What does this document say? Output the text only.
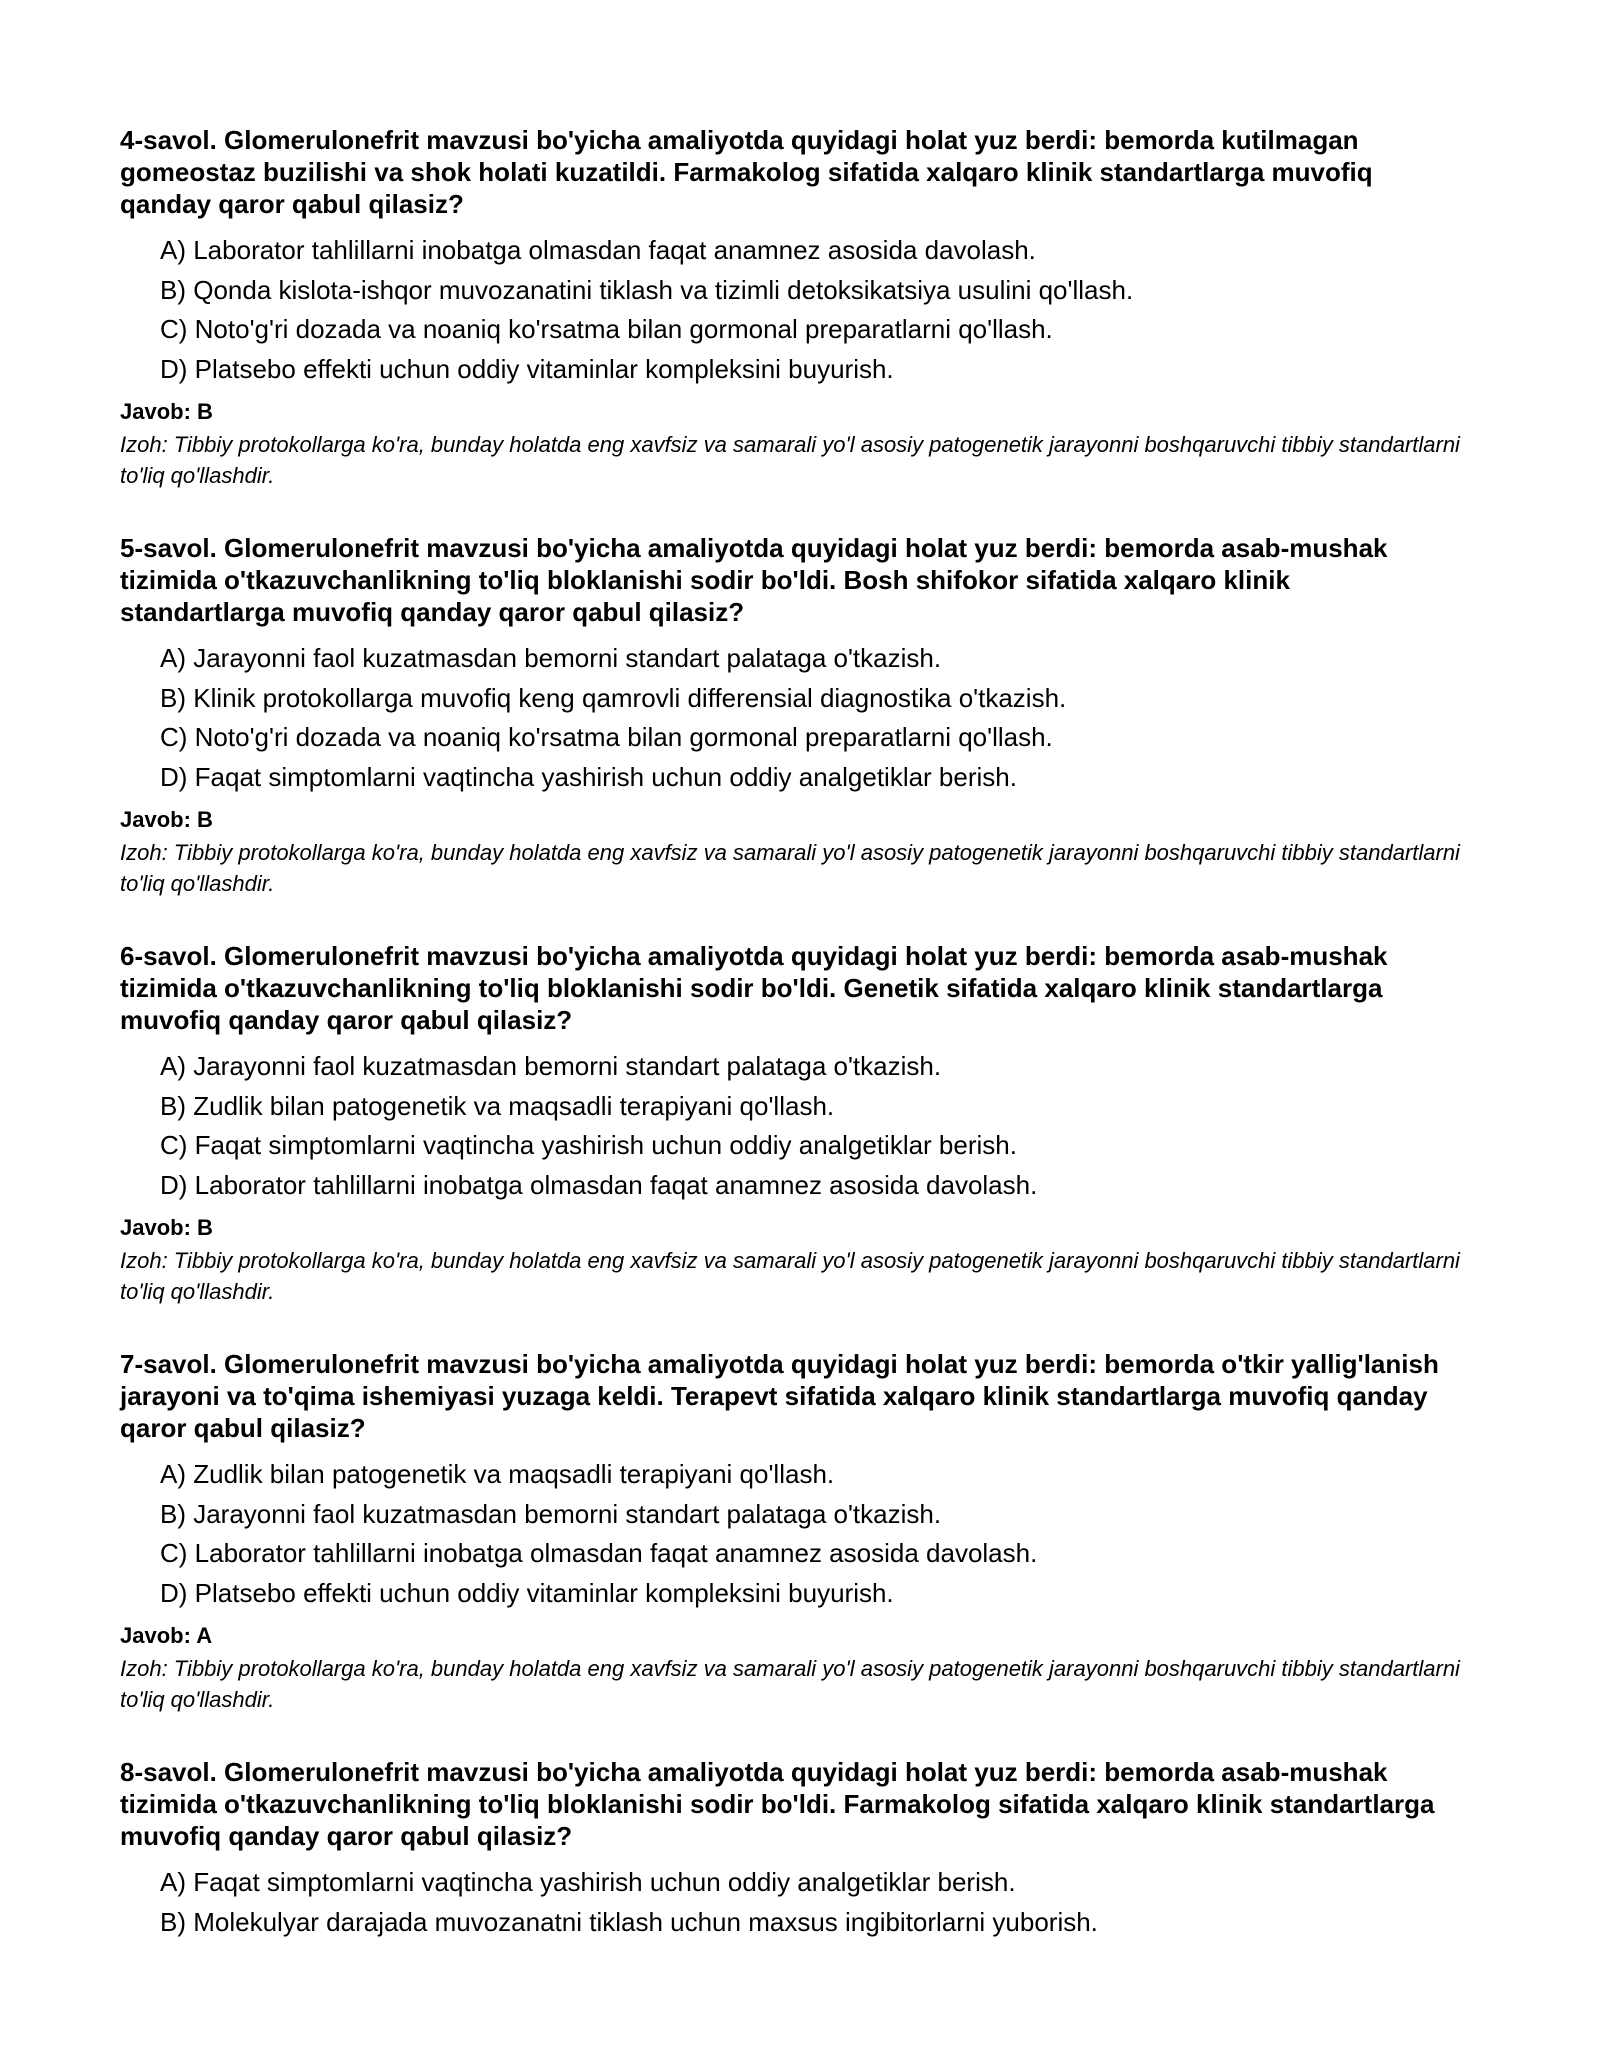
4-savol. Glomerulonefrit mavzusi bo'yicha amaliyotda quyidagi holat yuz berdi: bemorda kutilmagan gomeostaz buzilishi va shok holati kuzatildi. Farmakolog sifatida xalqaro klinik standartlarga muvofiq qanday qaror qabul qilasiz?

A) Laborator tahlillarni inobatga olmasdan faqat anamnez asosida davolash.
B) Qonda kislota-ishqor muvozanatini tiklash va tizimli detoksikatsiya usulini qo'llash.
C) Noto'g'ri dozada va noaniq ko'rsatma bilan gormonal preparatlarni qo'llash.
D) Platsebo effekti uchun oddiy vitaminlar kompleksini buyurish.

Javob: B

Izoh: Tibbiy protokollarga ko'ra, bunday holatda eng xavfsiz va samarali yo'l asosiy patogenetik jarayonni boshqaruvchi tibbiy standartlarni to'liq qo'llashdir.

5-savol. Glomerulonefrit mavzusi bo'yicha amaliyotda quyidagi holat yuz berdi: bemorda asab-mushak tizimida o'tkazuvchanlikning to'liq bloklanishi sodir bo'ldi. Bosh shifokor sifatida xalqaro klinik standartlarga muvofiq qanday qaror qabul qilasiz?

A) Jarayonni faol kuzatmasdan bemorni standart palataga o'tkazish.
B) Klinik protokollarga muvofiq keng qamrovli differensial diagnostika o'tkazish.
C) Noto'g'ri dozada va noaniq ko'rsatma bilan gormonal preparatlarni qo'llash.
D) Faqat simptomlarni vaqtincha yashirish uchun oddiy analgetiklar berish.

Javob: B

Izoh: Tibbiy protokollarga ko'ra, bunday holatda eng xavfsiz va samarali yo'l asosiy patogenetik jarayonni boshqaruvchi tibbiy standartlarni to'liq qo'llashdir.

6-savol. Glomerulonefrit mavzusi bo'yicha amaliyotda quyidagi holat yuz berdi: bemorda asab-mushak tizimida o'tkazuvchanlikning to'liq bloklanishi sodir bo'ldi. Genetik sifatida xalqaro klinik standartlarga muvofiq qanday qaror qabul qilasiz?

A) Jarayonni faol kuzatmasdan bemorni standart palataga o'tkazish.
B) Zudlik bilan patogenetik va maqsadli terapiyani qo'llash.
C) Faqat simptomlarni vaqtincha yashirish uchun oddiy analgetiklar berish.
D) Laborator tahlillarni inobatga olmasdan faqat anamnez asosida davolash.

Javob: B

Izoh: Tibbiy protokollarga ko'ra, bunday holatda eng xavfsiz va samarali yo'l asosiy patogenetik jarayonni boshqaruvchi tibbiy standartlarni to'liq qo'llashdir.

7-savol. Glomerulonefrit mavzusi bo'yicha amaliyotda quyidagi holat yuz berdi: bemorda o'tkir yallig'lanish jarayoni va to'qima ishemiyasi yuzaga keldi. Terapevt sifatida xalqaro klinik standartlarga muvofiq qanday qaror qabul qilasiz?

A) Zudlik bilan patogenetik va maqsadli terapiyani qo'llash.
B) Jarayonni faol kuzatmasdan bemorni standart palataga o'tkazish.
C) Laborator tahlillarni inobatga olmasdan faqat anamnez asosida davolash.
D) Platsebo effekti uchun oddiy vitaminlar kompleksini buyurish.

Javob: A

Izoh: Tibbiy protokollarga ko'ra, bunday holatda eng xavfsiz va samarali yo'l asosiy patogenetik jarayonni boshqaruvchi tibbiy standartlarni to'liq qo'llashdir.

8-savol. Glomerulonefrit mavzusi bo'yicha amaliyotda quyidagi holat yuz berdi: bemorda asab-mushak tizimida o'tkazuvchanlikning to'liq bloklanishi sodir bo'ldi. Farmakolog sifatida xalqaro klinik standartlarga muvofiq qanday qaror qabul qilasiz?

A) Faqat simptomlarni vaqtincha yashirish uchun oddiy analgetiklar berish.
B) Molekulyar darajada muvozanatni tiklash uchun maxsus ingibitorlarni yuborish.
